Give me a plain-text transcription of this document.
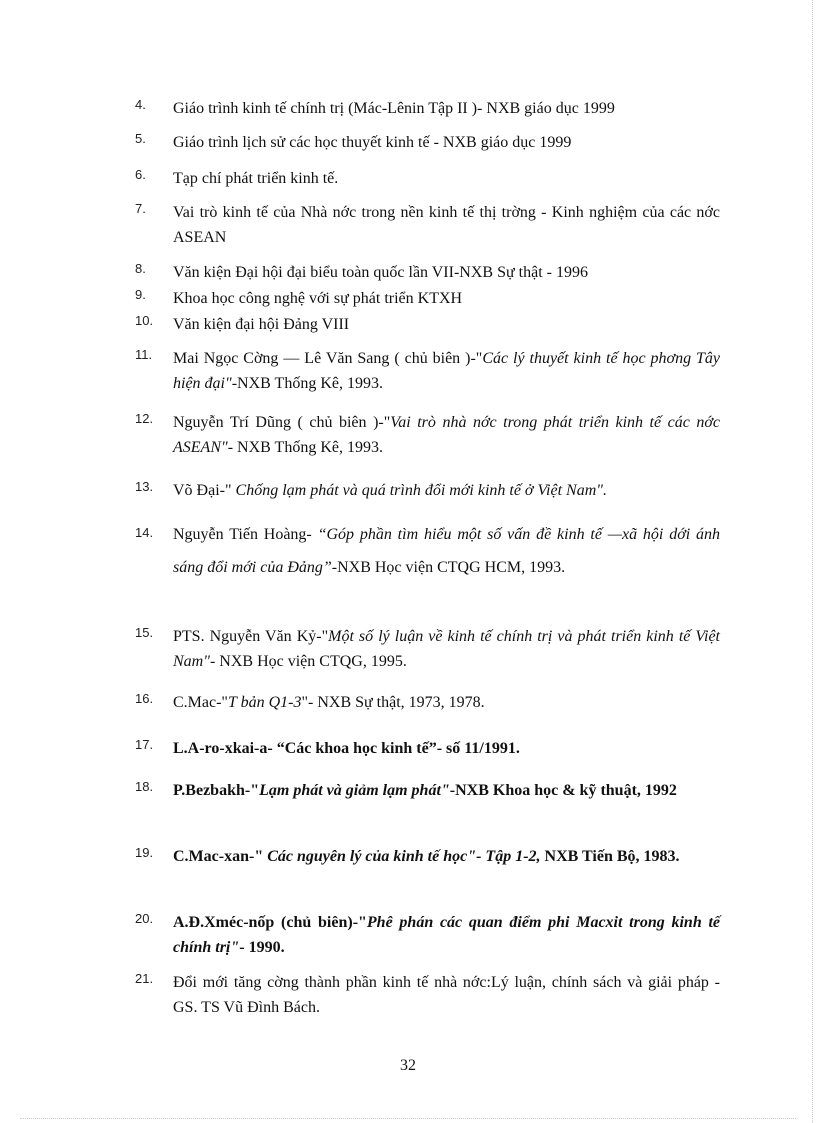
4.	Giáo trình kinh tế chính trị (Mác-Lênin Tập II )- NXB giáo dục 1999
5.	Giáo trình lịch sử các học thuyết kinh tế - NXB giáo dục 1999
6.	Tạp chí phát triển kinh tế.
7.	Vai trò kinh tế của Nhà nớc trong nền kinh tế thị trờng - Kinh nghiệm của các nớc ASEAN
8.	Văn kiện Đại hội đại biểu toàn quốc lần VII-NXB Sự thật - 1996
9.	Khoa học công nghệ với sự phát triển KTXH
10.	Văn kiện đại hội Đảng VIII
11.	Mai Ngọc Cờng — Lê Văn Sang ( chủ biên )-"Các lý thuyết kinh tế học phơng Tây hiện đại"-NXB Thống Kê, 1993.
12.	Nguyễn Trí Dũng ( chủ biên )-"Vai trò nhà nớc trong phát triển kinh tế các nớc ASEAN"- NXB Thống Kê, 1993.
13.	Võ Đại-" Chống lạm phát và quá trình đổi mới kinh tế ở Việt Nam".
14.	Nguyễn Tiến Hoàng- “Góp phần tìm hiểu một số vấn đề kinh tế —xã hội dới ánh sáng đổi mới của Đảng”-NXB Học viện CTQG HCM, 1993.
15.	PTS. Nguyễn Văn Kỷ-"Một số lý luận về kinh tế chính trị và phát triển kinh tế Việt Nam"- NXB Học viện CTQG, 1995.
16.	C.Mac-"T bản Q1-3"- NXB Sự thật, 1973, 1978.
17.	L.A-ro-xkai-a- “Các khoa học kinh tế”- số 11/1991.
18.	P.Bezbakh-"Lạm phát và giảm lạm phát"-NXB Khoa học & kỹ thuật, 1992
19.	C.Mac-xan-" Các nguyên lý của kinh tế học"- Tập 1-2, NXB Tiến Bộ, 1983.
20.	A.Đ.Xméc-nốp (chủ biên)-"Phê phán các quan điểm phi Macxit trong kinh tế chính trị"- 1990.
21.	Đổi mới tăng cờng thành phần kinh tế nhà nớc:Lý luận, chính sách và giải pháp - GS. TS Vũ Đình Bách.
32
